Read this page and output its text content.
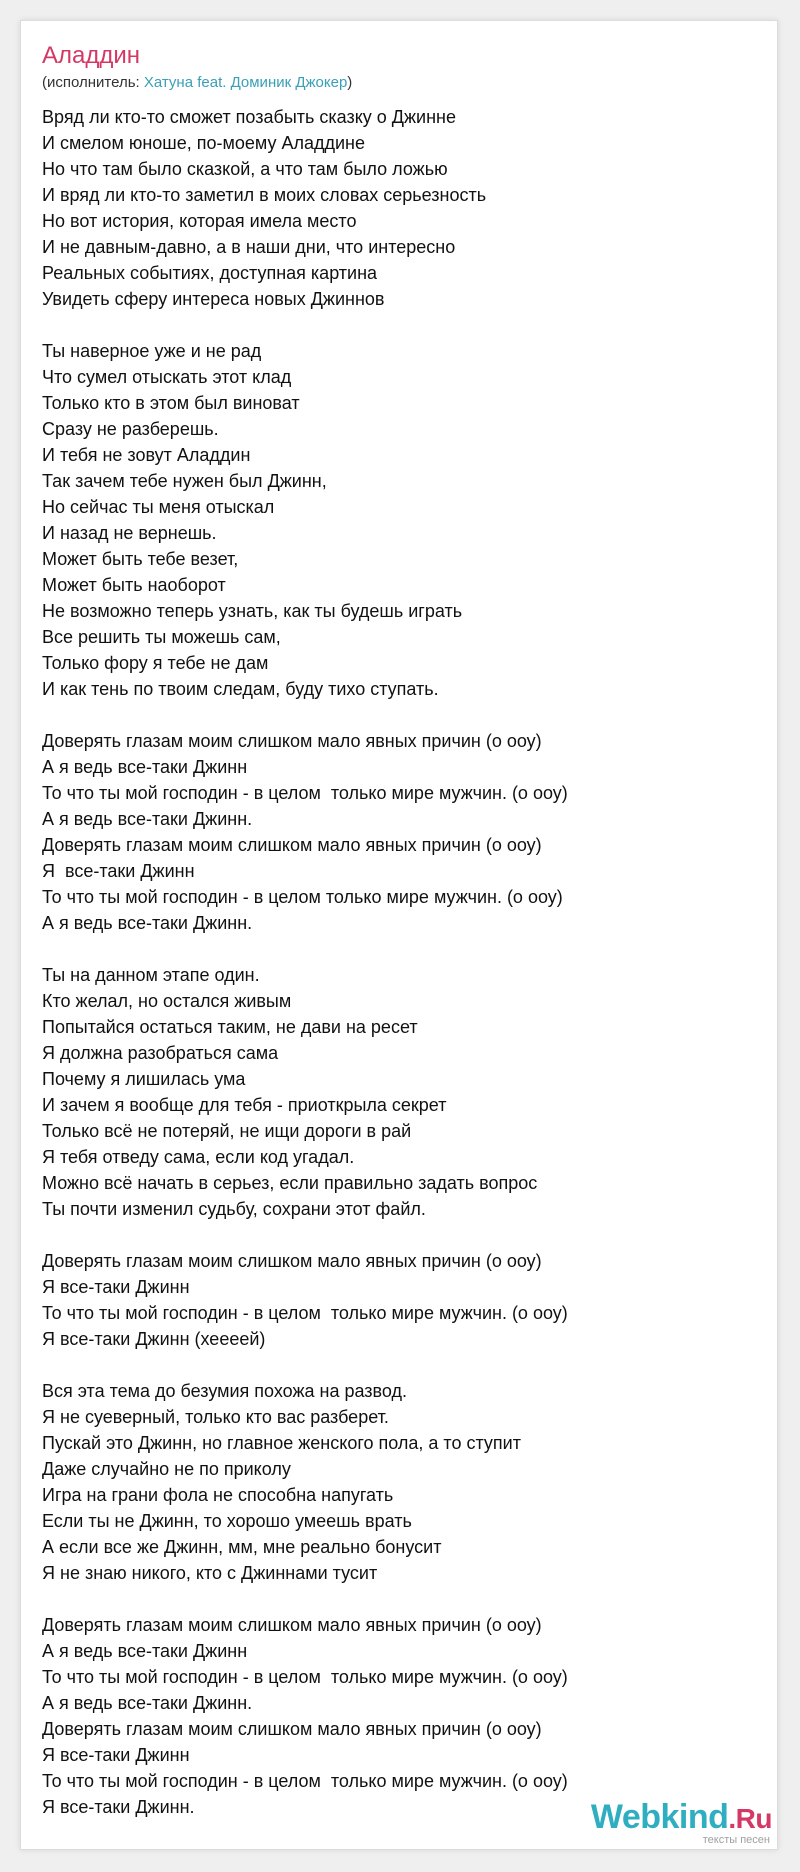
Аладдин
(исполнитель: Хатуна feat. Доминик Джокер)
Вряд ли кто-то сможет позабыть сказку о Джинне
И смелом юноше, по-моему Аладдине
Но что там было сказкой, а что там было ложью
И вряд ли кто-то заметил в моих словах серьезность
Но вот история, которая имела место
И не давным-давно, а в наши дни, что интересно
Реальных событиях, доступная картина
Увидеть сферу интереса новых Джиннов
Ты наверное уже и не рад
Что сумел отыскать этот клад
Только кто в этом был виноват
Сразу не разберешь.
И тебя не зовут Аладдин
Так зачем тебе нужен был Джинн,
Но сейчас ты меня отыскал
И назад не вернешь.
Может быть тебе везет,
Может быть наоборот
Не возможно теперь узнать, как ты будешь играть
Все решить ты можешь сам,
Только фору я тебе не дам
И как тень по твоим следам, буду тихо ступать.
Доверять глазам моим слишком мало явных причин (о ооу)
А я ведь все-таки Джинн
То что ты мой господин - в целом  только мире мужчин. (о ооу)
А я ведь все-таки Джинн.
Доверять глазам моим слишком мало явных причин (о ооу)
Я  все-таки Джинн
То что ты мой господин - в целом только мире мужчин. (о ооу)
А я ведь все-таки Джинн.
Ты на данном этапе один.
Кто желал, но остался живым
Попытайся остаться таким, не дави на ресет
Я должна разобраться сама
Почему я лишилась ума
И зачем я вообще для тебя - приоткрыла секрет
Только всё не потеряй, не ищи дороги в рай
Я тебя отведу сама, если код угадал.
Можно всё начать в серьез, если правильно задать вопрос
Ты почти изменил судьбу, сохрани этот файл.
Доверять глазам моим слишком мало явных причин (о ооу)
Я все-таки Джинн
То что ты мой господин - в целом  только мире мужчин. (о ооу)
Я все-таки Джинн (хеееей)
Вся эта тема до безумия похожа на развод.
Я не суеверный, только кто вас разберет.
Пускай это Джинн, но главное женского пола, а то ступит
Даже случайно не по приколу
Игра на грани фола не способна напугать
Если ты не Джинн, то хорошо умеешь врать
А если все же Джинн, мм, мне реально бонусит
Я не знаю никого, кто с Джиннами тусит
Доверять глазам моим слишком мало явных причин (о ооу)
А я ведь все-таки Джинн
То что ты мой господин - в целом  только мире мужчин. (о ооу)
А я ведь все-таки Джинн.
Доверять глазам моим слишком мало явных причин (о ооу)
Я все-таки Джинн
То что ты мой господин - в целом  только мире мужчин. (о ооу)
Я все-таки Джинн.	Webkind.Ru
тексты песен
